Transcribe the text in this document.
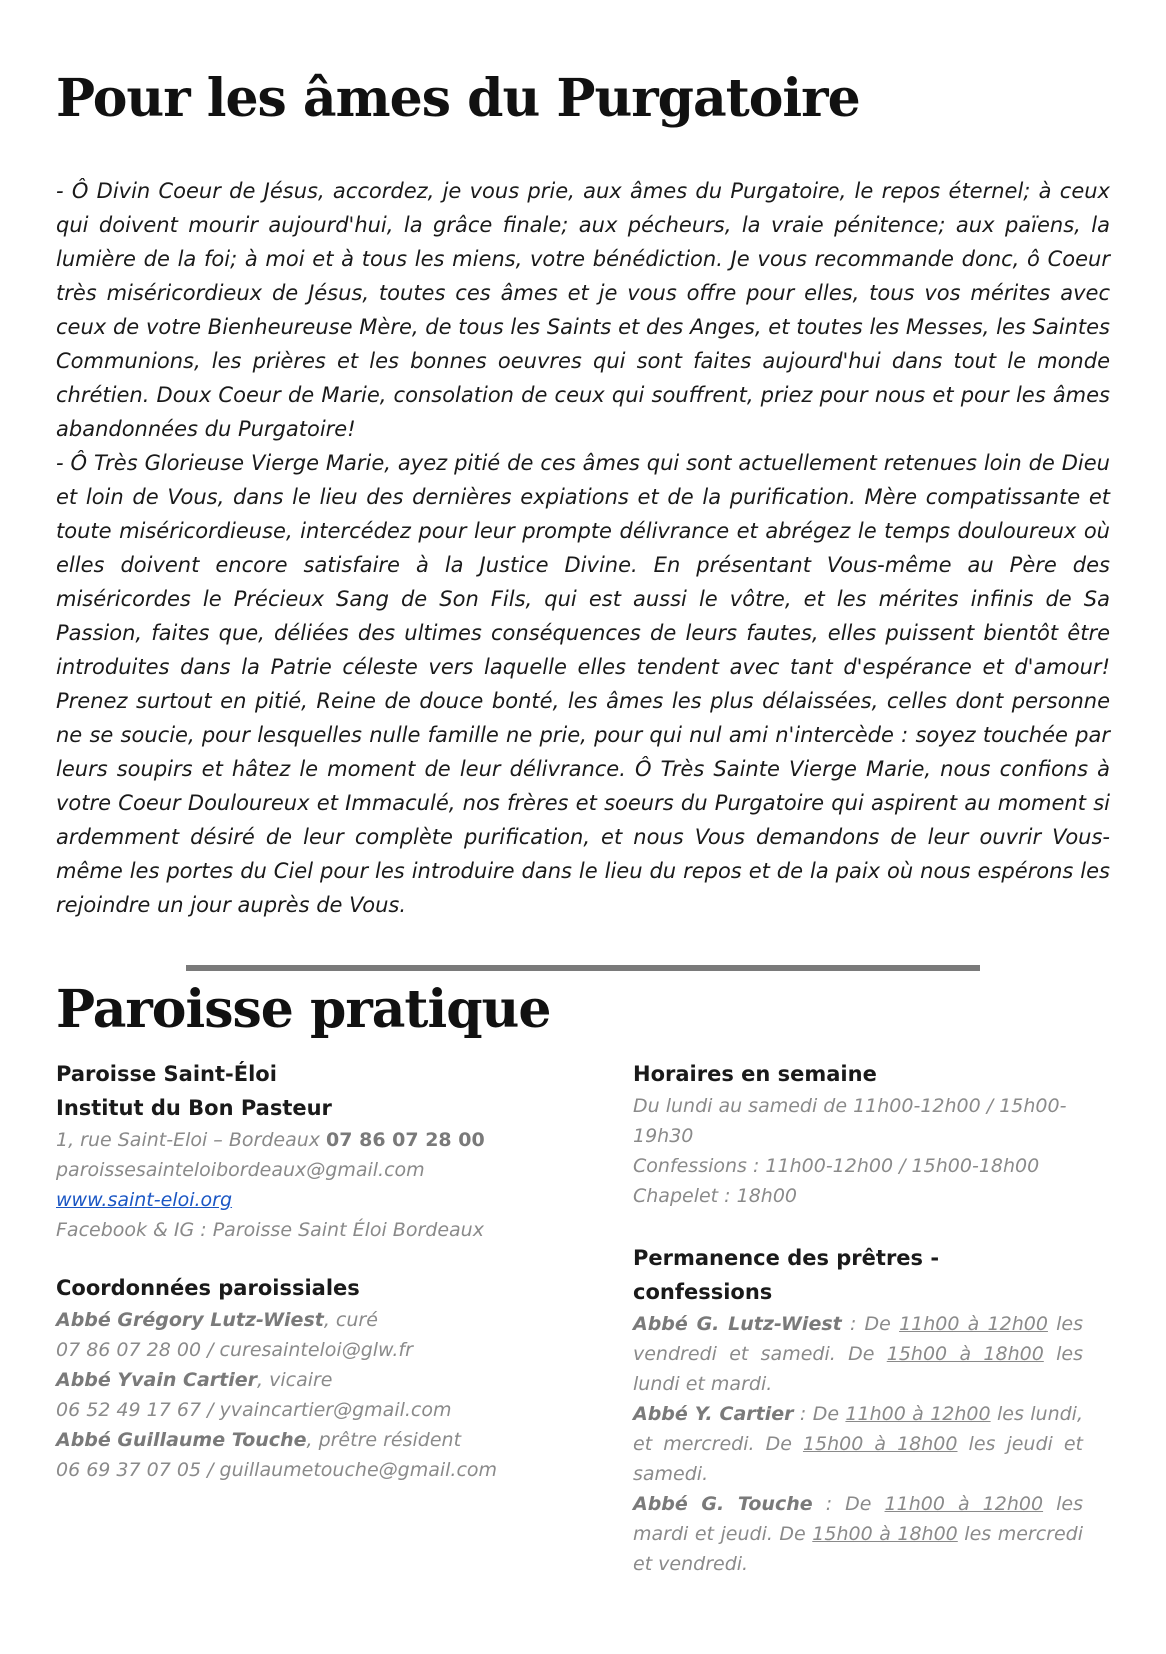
Pour les âmes du Purgatoire

- Ô Divin Coeur de Jésus, accordez, je vous prie, aux âmes du Purgatoire, le repos éternel; à ceux qui doivent mourir aujourd'hui, la grâce finale; aux pécheurs, la vraie pénitence; aux païens, la lumière de la foi; à moi et à tous les miens, votre bénédiction. Je vous recommande donc, ô Coeur très miséricordieux de Jésus, toutes ces âmes et je vous offre pour elles, tous vos mérites avec ceux de votre Bienheureuse Mère, de tous les Saints et des Anges, et toutes les Messes, les Saintes Communions, les prières et les bonnes oeuvres qui sont faites aujourd'hui dans tout le monde chrétien. Doux Coeur de Marie, consolation de ceux qui souffrent, priez pour nous et pour les âmes abandonnées du Purgatoire!

- Ô Très Glorieuse Vierge Marie, ayez pitié de ces âmes qui sont actuellement retenues loin de Dieu et loin de Vous, dans le lieu des dernières expiations et de la purification. Mère compatissante et toute miséricordieuse, intercédez pour leur prompte délivrance et abrégez le temps douloureux où elles doivent encore satisfaire à la Justice Divine. En présentant Vous-même au Père des miséricordes le Précieux Sang de Son Fils, qui est aussi le vôtre, et les mérites infinis de Sa Passion, faites que, déliées des ultimes conséquences de leurs fautes, elles puissent bientôt être introduites dans la Patrie céleste vers laquelle elles tendent avec tant d'espérance et d'amour! Prenez surtout en pitié, Reine de douce bonté, les âmes les plus délaissées, celles dont personne ne se soucie, pour lesquelles nulle famille ne prie, pour qui nul ami n'intercède : soyez touchée par leurs soupirs et hâtez le moment de leur délivrance. Ô Très Sainte Vierge Marie, nous confions à votre Coeur Douloureux et Immaculé, nos frères et soeurs du Purgatoire qui aspirent au moment si ardemment désiré de leur complète purification, et nous Vous demandons de leur ouvrir Vous-même les portes du Ciel pour les introduire dans le lieu du repos et de la paix où nous espérons les rejoindre un jour auprès de Vous.

Paroisse pratique
Paroisse Saint-Éloi
Institut du Bon Pasteur
1, rue Saint-Eloi – Bordeaux 07 86 07 28 00
paroissesainteloibordeaux@gmail.com
www.saint-eloi.org
Facebook & IG : Paroisse Saint Éloi Bordeaux
Coordonnées paroissiales
Abbé Grégory Lutz-Wiest, curé
07 86 07 28 00 / curesainteloi@glw.fr
Abbé Yvain Cartier, vicaire
06 52 49 17 67 / yvaincartier@gmail.com
Abbé Guillaume Touche, prêtre résident
06 69 37 07 05 / guillaumetouche@gmail.com
Horaires en semaine
Du lundi au samedi de 11h00-12h00 / 15h00-19h30
Confessions : 11h00-12h00 / 15h00-18h00
Chapelet : 18h00
Permanence des prêtres - confessions
Abbé G. Lutz-Wiest : De 11h00 à 12h00 les vendredi et samedi. De 15h00 à 18h00 les lundi et mardi.
Abbé Y. Cartier : De 11h00 à 12h00 les lundi, et mercredi. De 15h00 à 18h00 les jeudi et samedi.
Abbé G. Touche : De 11h00 à 12h00 les mardi et jeudi. De 15h00 à 18h00 les mercredi et vendredi.
